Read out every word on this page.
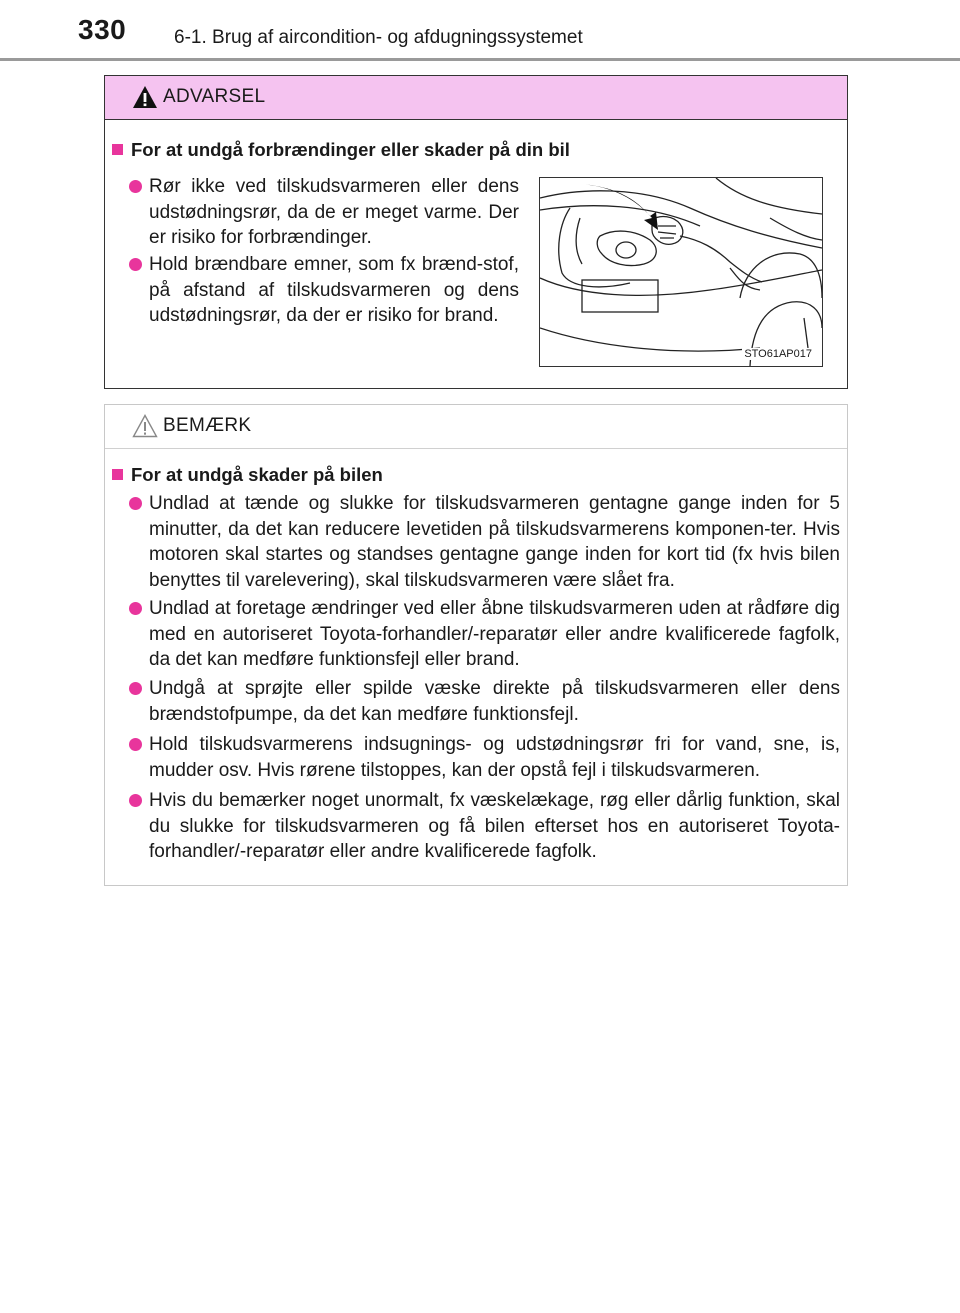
330	6-1. Brug af aircondition- og afdugningssystemet
ADVARSEL
For at undgå forbrændinger eller skader på din bil
Rør ikke ved tilskudsvarmeren eller dens udstødningsrør, da de er meget varme. Der er risiko for forbrændinger.
Hold brændbare emner, som fx brænd-stof, på afstand af tilskudsvarmeren og dens udstødningsrør, da der er risiko for brand.
STO61AP017
BEMÆRK
For at undgå skader på bilen
Undlad at tænde og slukke for tilskudsvarmeren gentagne gange inden for 5 minutter, da det kan reducere levetiden på tilskudsvarmerens komponen-ter. Hvis motoren skal startes og standses gentagne gange inden for kort tid (fx hvis bilen benyttes til varelevering), skal tilskudsvarmeren være slået fra.
Undlad at foretage ændringer ved eller åbne tilskudsvarmeren uden at rådføre dig med en autoriseret Toyota-forhandler/-reparatør eller andre kvalificerede fagfolk, da det kan medføre funktionsfejl eller brand.
Undgå at sprøjte eller spilde væske direkte på tilskudsvarmeren eller dens brændstofpumpe, da det kan medføre funktionsfejl.
Hold tilskudsvarmerens indsugnings- og udstødningsrør fri for vand, sne, is, mudder osv. Hvis rørene tilstoppes, kan der opstå fejl i tilskudsvarmeren.
Hvis du bemærker noget unormalt, fx væskelækage, røg eller dårlig funktion, skal du slukke for tilskudsvarmeren og få bilen efterset hos en autoriseret Toyota-forhandler/-reparatør eller andre kvalificerede fagfolk.
